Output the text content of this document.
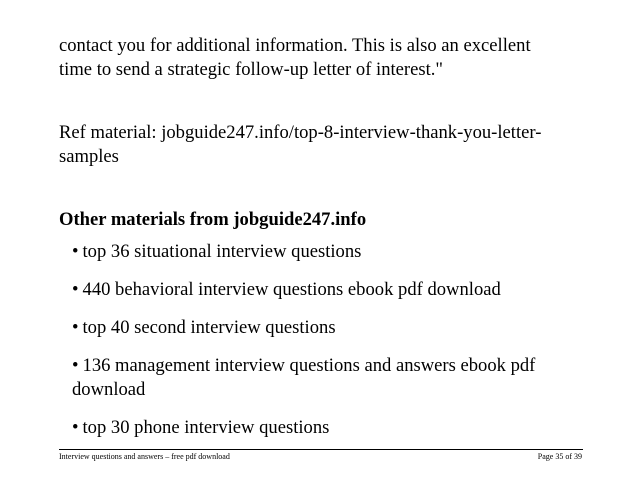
contact you for additional information. This is also an excellent
time to send a strategic follow-up letter of interest."

Ref material: jobguide247.info/top-8-interview-thank-you-letter-
samples

Other materials from jobguide247.info
• top 36 situational interview questions
• 440 behavioral interview questions ebook pdf download
• top 40 second interview questions
• 136 management interview questions and answers ebook pdf
download
• top 30 phone interview questions
Interview questions and answers – free pdf download	Page 35 of 39
